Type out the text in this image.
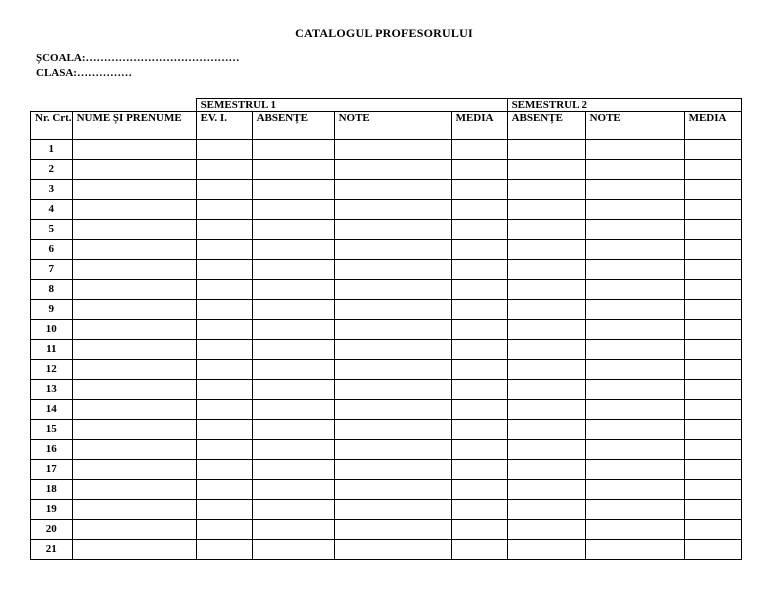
CATALOGUL PROFESORULUI
ȘCOALA:……………………………………
CLASA:……………
		SEMESTRUL 1				SEMESTRUL 2		
Nr. Crt.	NUME ȘI PRENUME	EV. I.	ABSENȚE	NOTE	MEDIA	ABSENȚE	NOTE	MEDIA
1								
2								
3								
4								
5								
6								
7								
8								
9								
10								
11								
12								
13								
14								
15								
16								
17								
18								
19								
20								
21								
